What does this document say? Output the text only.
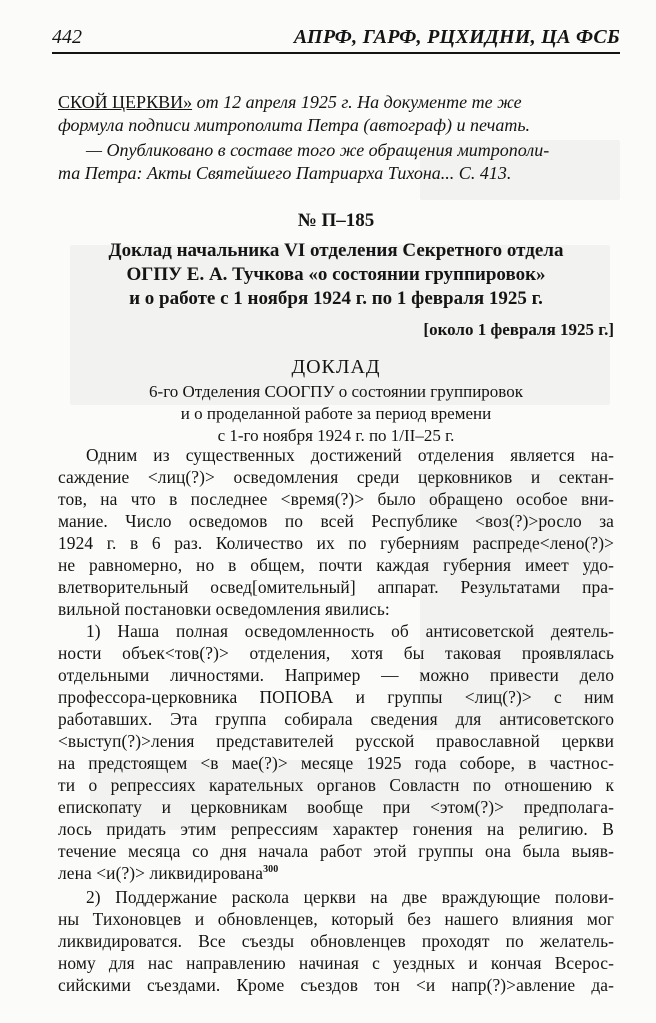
442	АПРФ, ГАРФ, РЦХИДНИ, ЦА ФСБ
СКОЙ ЦЕРКВИ» от 12 апреля 1925 г. На документе те же
формула подписи митрополита Петра (автограф) и печать.
— Опубликовано в составе того же обращения митрополи-
та Петра: Акты Святейшего Патриарха Тихона... С. 413.
№ П–185
Доклад начальника VI отделения Секретного отдела
ОГПУ Е. А. Тучкова «о состоянии группировок»
и о работе с 1 ноября 1924 г. по 1 февраля 1925 г.
[около 1 февраля 1925 г.]
ДОКЛАД
6-го Отделения СООГПУ о состоянии группировок
и о проделанной работе за период времени
с 1-го ноября 1924 г. по 1/II–25 г.
Одним из существенных достижений отделения является на-
саждение <лиц(?)> осведомления среди церковников и сектан-
тов, на что в последнее <время(?)> было обращено особое вни-
мание. Число осведомов по всей Республике <воз(?)>росло за
1924 г. в 6 раз. Количество их по губерниям распреде<лено(?)>
не равномерно, но в общем, почти каждая губерния имеет удо-
влетворительный освед[омительный] аппарат. Результатами пра-
вильной постановки осведомления явились:
1) Наша полная осведомленность об антисоветской деятель-
ности объек<тов(?)> отделения, хотя бы таковая проявлялась
отдельными личностями. Например — можно привести дело
профессора-церковника ПОПОВА и группы <лиц(?)> с ним
работавших. Эта группа собирала сведения для антисоветского
<выступ(?)>ления представителей русской православной церкви
на предстоящем <в мае(?)> месяце 1925 года соборе, в частнос-
ти о репрессиях карательных органов Совластн по отношению к
епископату и церковникам вообще при <этом(?)> предполага-
лось придать этим репрессиям характер гонения на религию. В
течение месяца со дня начала работ этой группы она была выяв-
лена <и(?)> ликвидирована$^{300}$
2) Поддержание раскола церкви на две враждующие полови-
ны Тихоновцев и обновленцев, который без нашего влияния мог
ликвидироватся. Все съезды обновленцев проходят по желатель-
ному для нас направлению начиная с уездных и кончая Всерос-
сийскими съездами. Кроме съездов тон <и напр(?)>авление да-
